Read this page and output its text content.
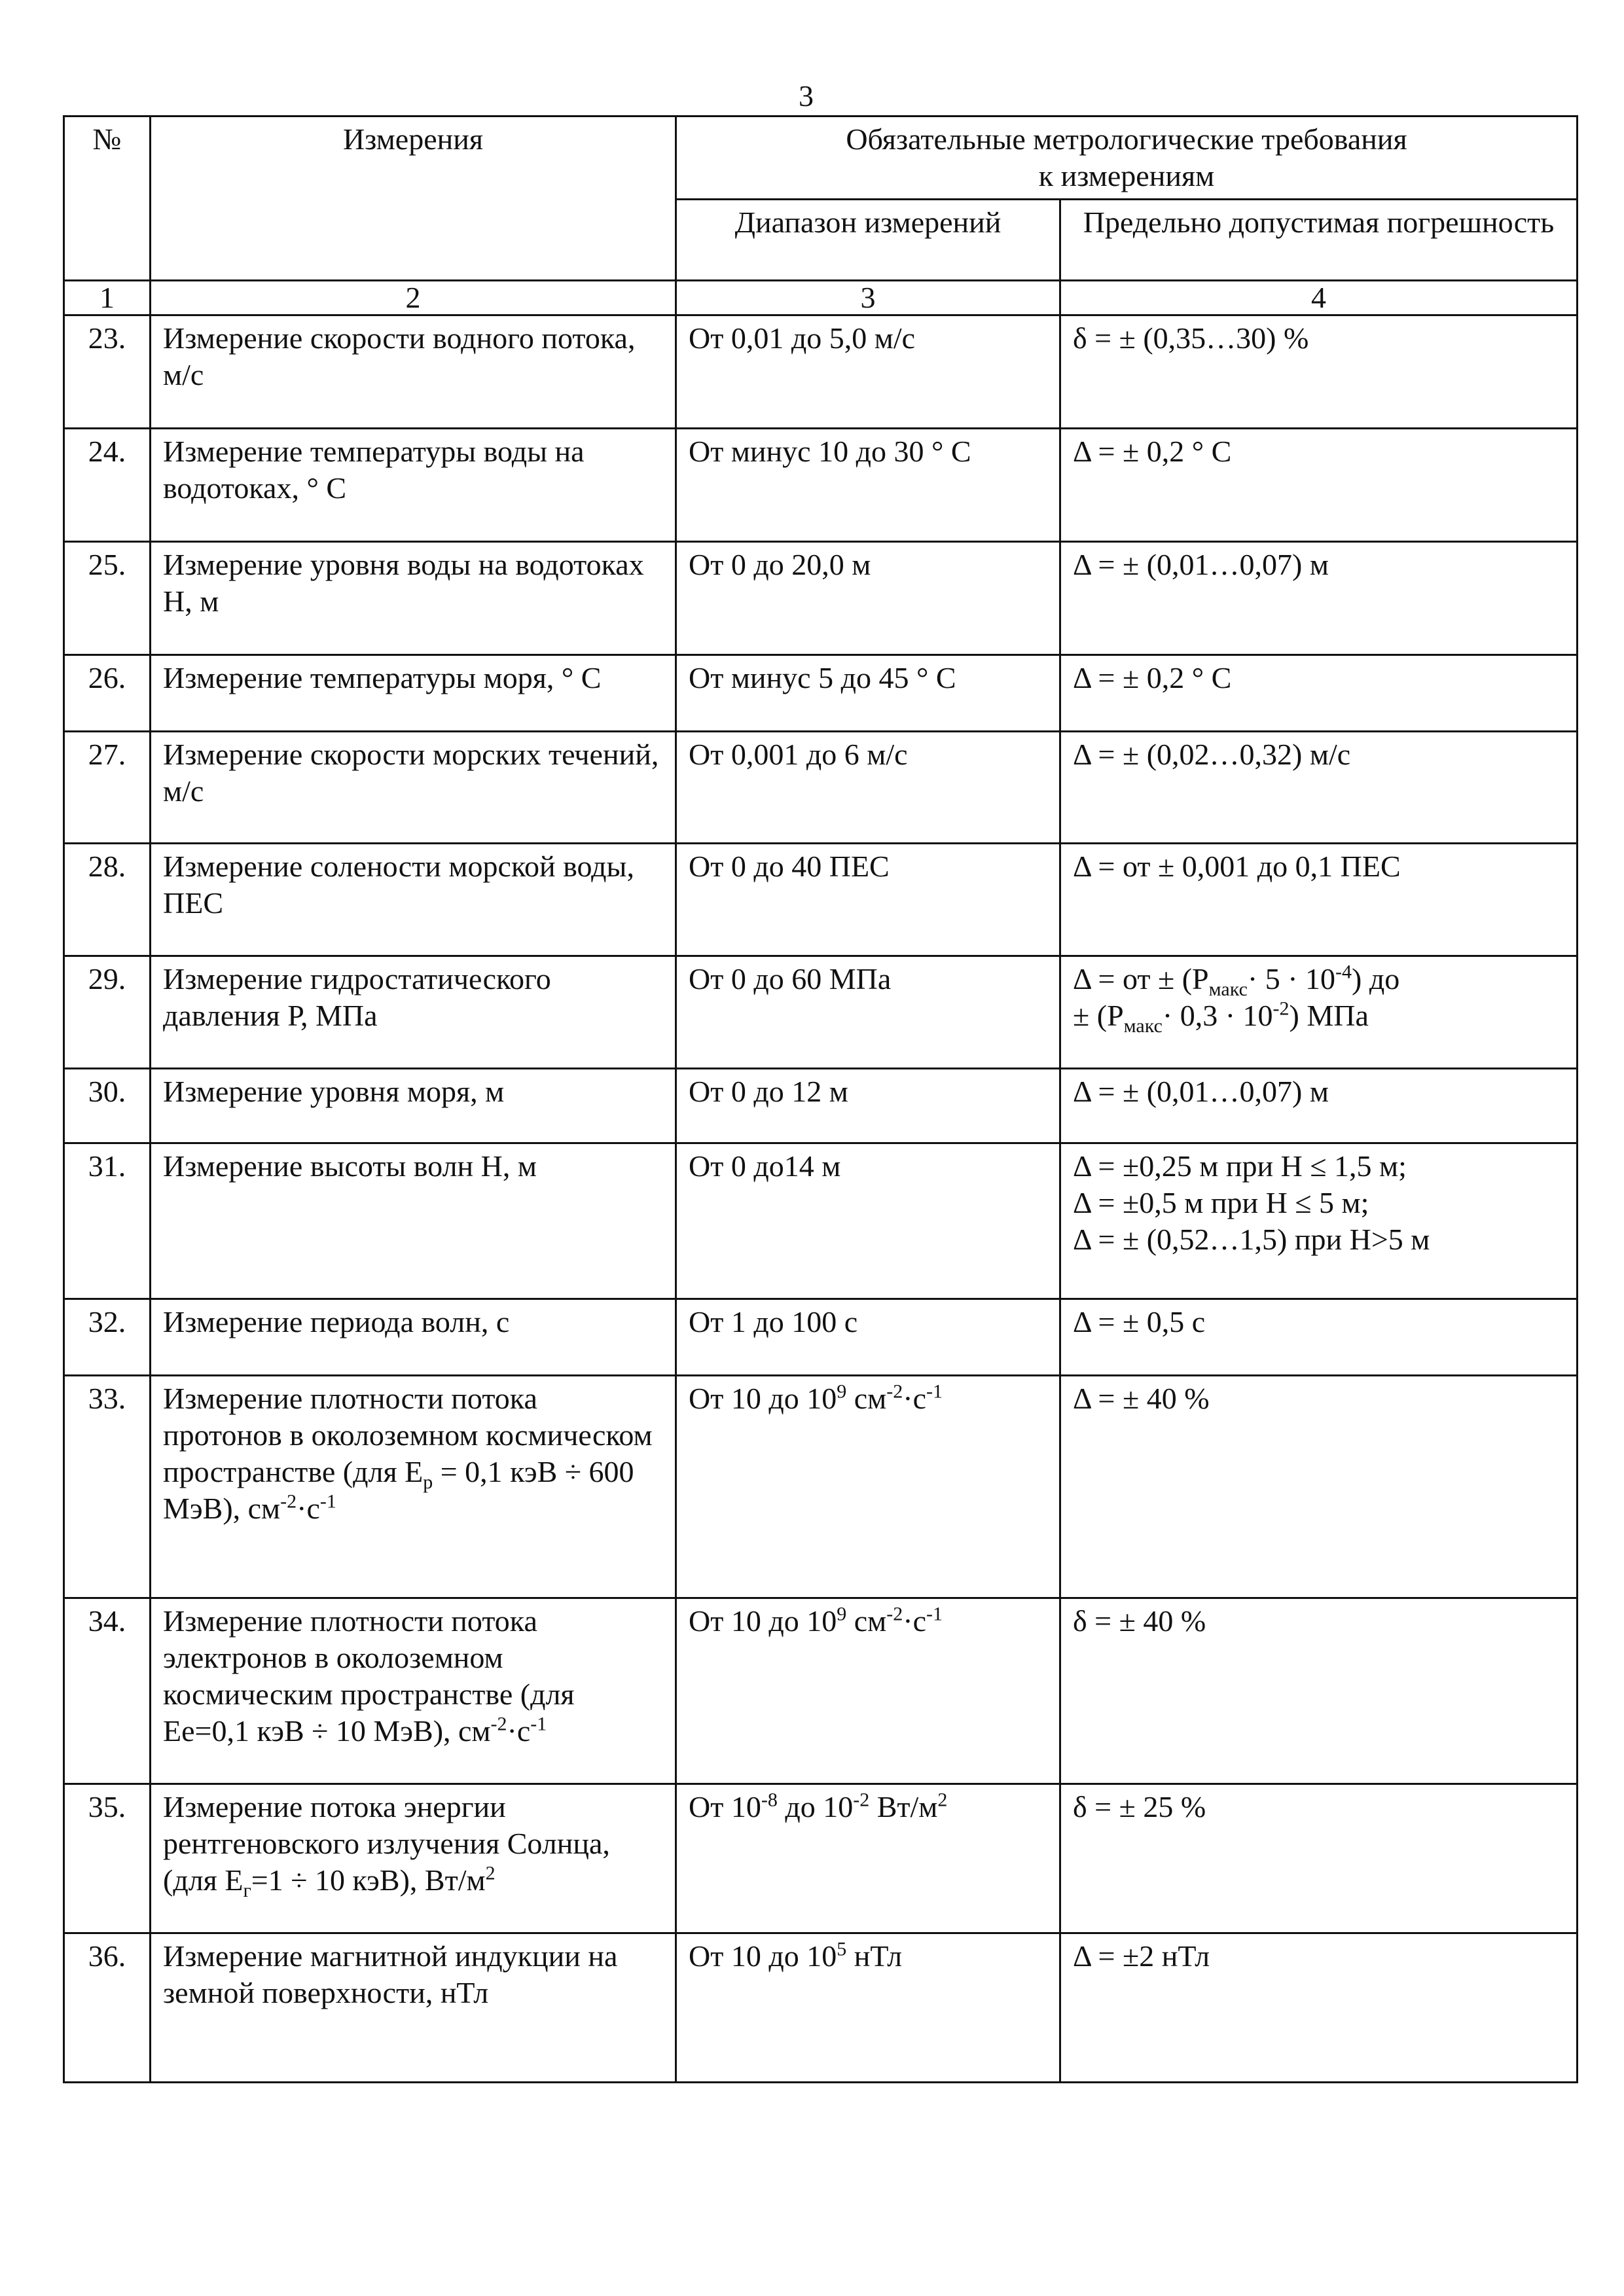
3
№	Измерения	Обязательные метрологические требования
к измерениям	

		Диапазон измерений	Предельно допустимая погрешность
1	2	3	4
23.	Измерение скорости водного потока, м/с	От 0,01 до 5,0 м/с	δ = ± (0,35…30) %
24.	Измерение температуры воды на водотоках, ° С	От минус 10 до 30 ° С	Δ = ± 0,2 ° С
25.	Измерение уровня воды на водотоках Н, м	От 0 до 20,0 м	Δ = ± (0,01…0,07) м
26.	Измерение температуры моря, ° С	От минус 5 до 45 ° С	Δ = ± 0,2 ° С
27.	Измерение скорости морских течений, м/с	От 0,001 до 6 м/с	Δ = ± (0,02…0,32) м/с
28.	Измерение солености морской воды, ПЕС	От 0 до 40 ПЕС	Δ = от ± 0,001 до 0,1 ПЕС
29.	Измерение гидростатического давления Р, МПа	От 0 до 60 МПа	Δ = от ± $(Р_{макс}\cdot 5 \cdot 10^{-4})$ до
± $(Р_{макс}\cdot 0,3 \cdot 10^{-2})$ МПа

30.	Измерение уровня моря, м	От 0 до 12 м	Δ = ± (0,01…0,07) м
31.	Измерение высоты волн Н, м	От 0 до14 м	Δ = ±0,25 м при Н ≤ 1,5 м;
Δ = ±0,5 м при Н ≤ 5 м;
Δ = ± (0,52…1,5) при Н>5 м

32.	Измерение периода волн, с	От 1 до 100 с	Δ = ± 0,5 с
33.	Измерение плотности потока протонов в околоземном космическом пространстве (для $Е_р = 0,1$ кэВ ÷ 600 МэВ), $см^{-2}\cdot с^{-1}$	От 10 до $10^9$ $см^{-2}\cdot с^{-1}$	Δ = ± 40 %
34.	Измерение плотности потока электронов в околоземном космическим пространстве (для Ее=0,1 кэВ ÷ 10 МэВ), $см^{-2}\cdot с^{-1}$	От 10 до $10^9$ $см^{-2}\cdot с^{-1}$	δ = ± 40 %
35.	Измерение потока энергии рентгеновского излучения Солнца, (для $Е_г=1 \div 10$ кэВ), $Вт/м^2$	От $10^{-8}$ до $10^{-2}$ $Вт/м^2$	δ = ± 25 %
36.	Измерение магнитной индукции на земной поверхности, нТл	От 10 до $10^5$ нТл	Δ = ±2 нТл
